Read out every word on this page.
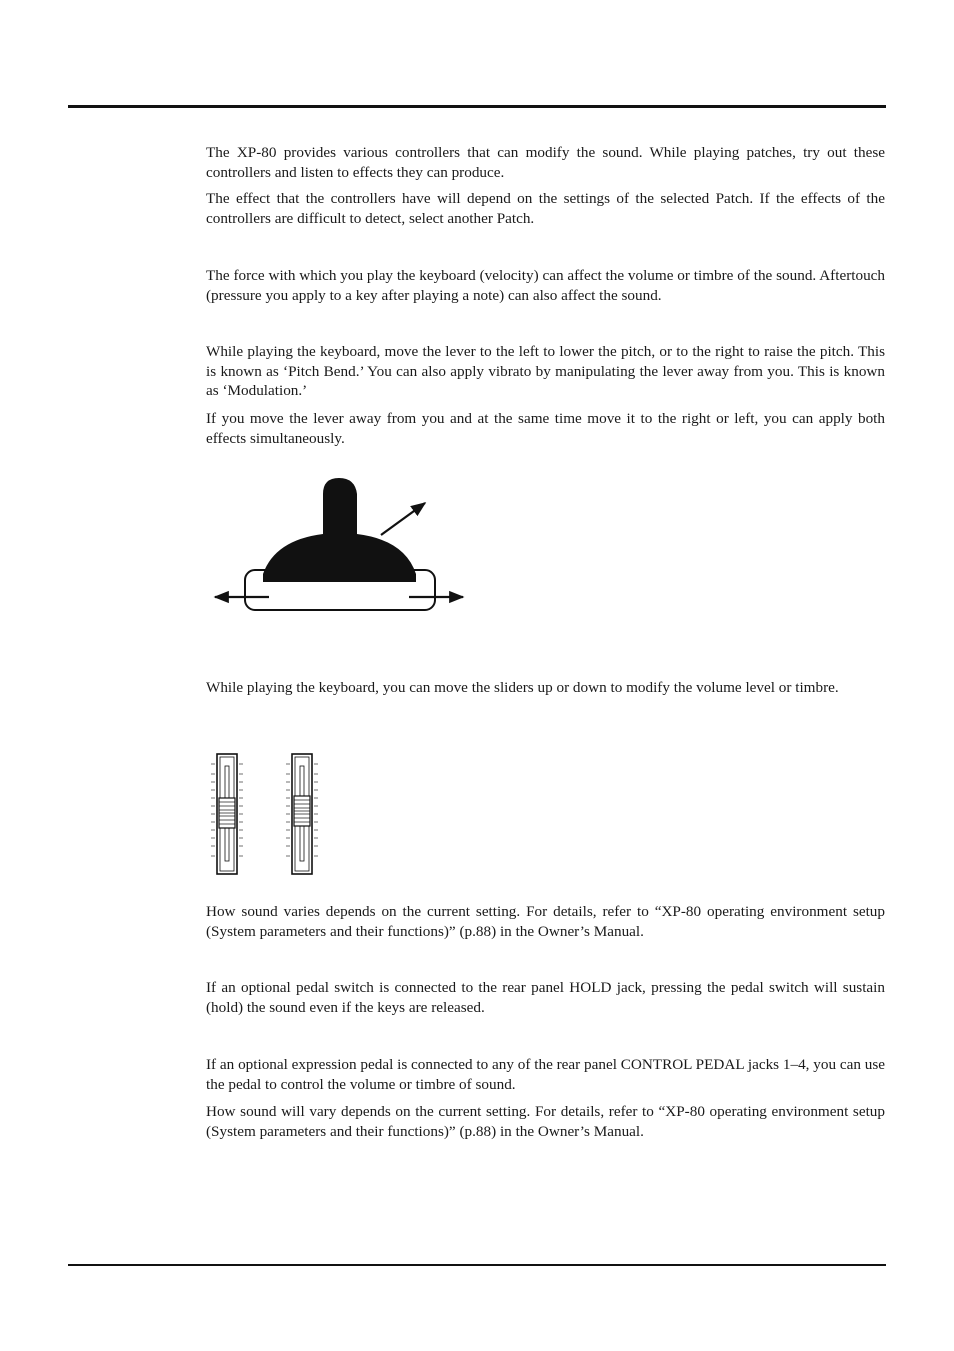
The XP-80 provides various controllers that can modify the sound. While playing patches, try out these controllers and listen to effects they can produce.

The effect that the controllers have will depend on the settings of the selected Patch. If the effects of the controllers are difficult to detect, select another Patch.

The force with which you play the keyboard (velocity) can affect the volume or timbre of the sound. Aftertouch (pressure you apply to a key after playing a note) can also affect the sound.

While playing the keyboard, move the lever to the left to lower the pitch, or to the right to raise the pitch. This is known as ‘Pitch Bend.’ You can also apply vibrato by manipulating the lever away from you. This is known as ‘Modulation.’

If you move the lever away from you and at the same time move it to the right or left, you can apply both effects simultaneously.

While playing the keyboard, you can move the sliders up or down to modify the volume level or timbre.

How sound varies depends on the current setting. For details, refer to “XP-80 operating environment setup (System parameters and their functions)” (p.88) in the Owner’s Manual.

If an optional pedal switch is connected to the rear panel HOLD jack, pressing the pedal switch will sustain (hold) the sound even if the keys are released.

If an optional expression pedal is connected to any of the rear panel CONTROL PEDAL jacks 1–4, you can use the pedal to control the volume or timbre of sound.

How sound will vary depends on the current setting. For details, refer to “XP-80 operating environment setup (System parameters and their functions)” (p.88) in the Owner’s Manual.
